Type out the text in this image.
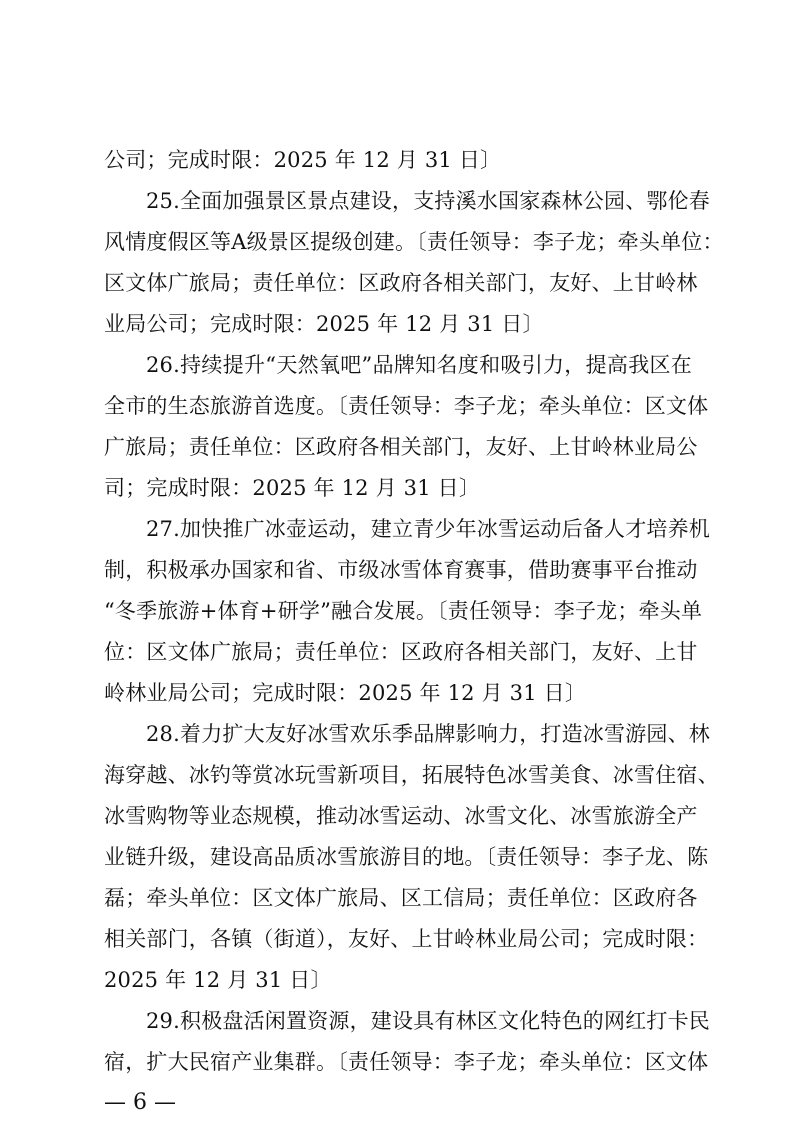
公司；完成时限：2025 年 12 月 31 日〕
25.全面加强景区景点建设，支持溪水国家森林公园、鄂伦春
风情度假区等A级景区提级创建。〔责任领导：李子龙；牵头单位：
区文体广旅局；责任单位：区政府各相关部门，友好、上甘岭林
业局公司；完成时限：2025 年 12 月 31 日〕
26.持续提升“天然氧吧”品牌知名度和吸引力，提高我区在
全市的生态旅游首选度。〔责任领导：李子龙；牵头单位：区文体
广旅局；责任单位：区政府各相关部门，友好、上甘岭林业局公
司；完成时限：2025 年 12 月 31 日〕
27.加快推广冰壶运动，建立青少年冰雪运动后备人才培养机
制，积极承办国家和省、市级冰雪体育赛事，借助赛事平台推动
“冬季旅游+体育+研学”融合发展。〔责任领导：李子龙；牵头单
位：区文体广旅局；责任单位：区政府各相关部门，友好、上甘
岭林业局公司；完成时限：2025 年 12 月 31 日〕
28.着力扩大友好冰雪欢乐季品牌影响力，打造冰雪游园、林
海穿越、冰钓等赏冰玩雪新项目，拓展特色冰雪美食、冰雪住宿、
冰雪购物等业态规模，推动冰雪运动、冰雪文化、冰雪旅游全产
业链升级，建设高品质冰雪旅游目的地。〔责任领导：李子龙、陈
磊；牵头单位：区文体广旅局、区工信局；责任单位：区政府各
相关部门，各镇（街道），友好、上甘岭林业局公司；完成时限：
2025 年 12 月 31 日〕
29.积极盘活闲置资源，建设具有林区文化特色的网红打卡民
宿，扩大民宿产业集群。〔责任领导：李子龙；牵头单位：区文体
— 6 —
